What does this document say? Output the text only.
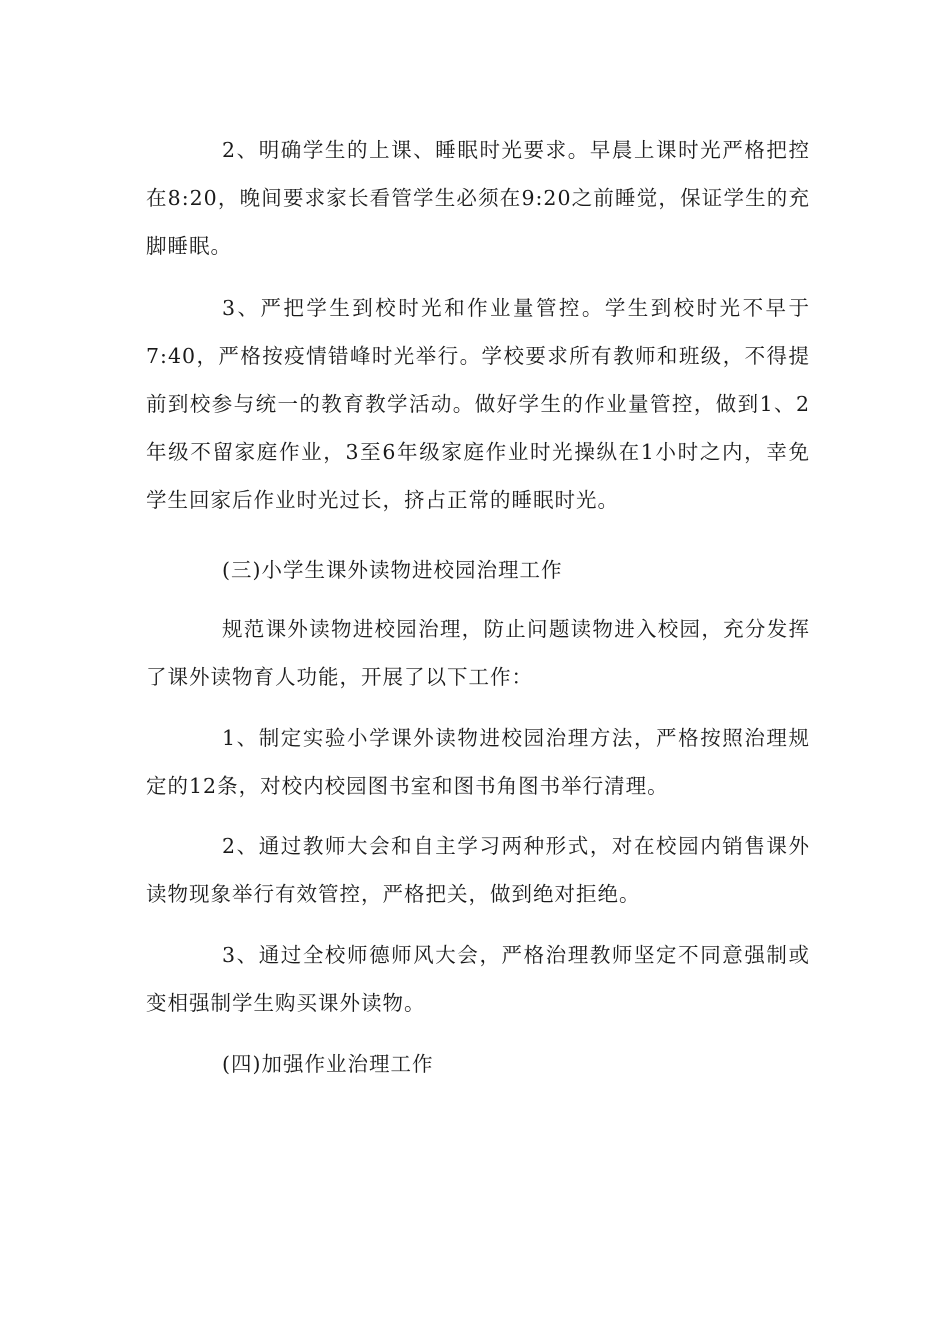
2、明确学生的上课、睡眠时光要求。早晨上课时光严格把控在8:20，晚间要求家长看管学生必须在9:20之前睡觉，保证学生的充脚睡眠。

3、严把学生到校时光和作业量管控。学生到校时光不早于7:40，严格按疫情错峰时光举行。学校要求所有教师和班级，不得提前到校参与统一的教育教学活动。做好学生的作业量管控，做到1、2年级不留家庭作业，3至6年级家庭作业时光操纵在1小时之内，幸免学生回家后作业时光过长，挤占正常的睡眠时光。

(三)小学生课外读物进校园治理工作

规范课外读物进校园治理，防止问题读物进入校园，充分发挥了课外读物育人功能，开展了以下工作：

1、制定实验小学课外读物进校园治理方法，严格按照治理规定的12条，对校内校园图书室和图书角图书举行清理。

2、通过教师大会和自主学习两种形式，对在校园内销售课外读物现象举行有效管控，严格把关，做到绝对拒绝。

3、通过全校师德师风大会，严格治理教师坚定不同意强制或变相强制学生购买课外读物。

(四)加强作业治理工作
